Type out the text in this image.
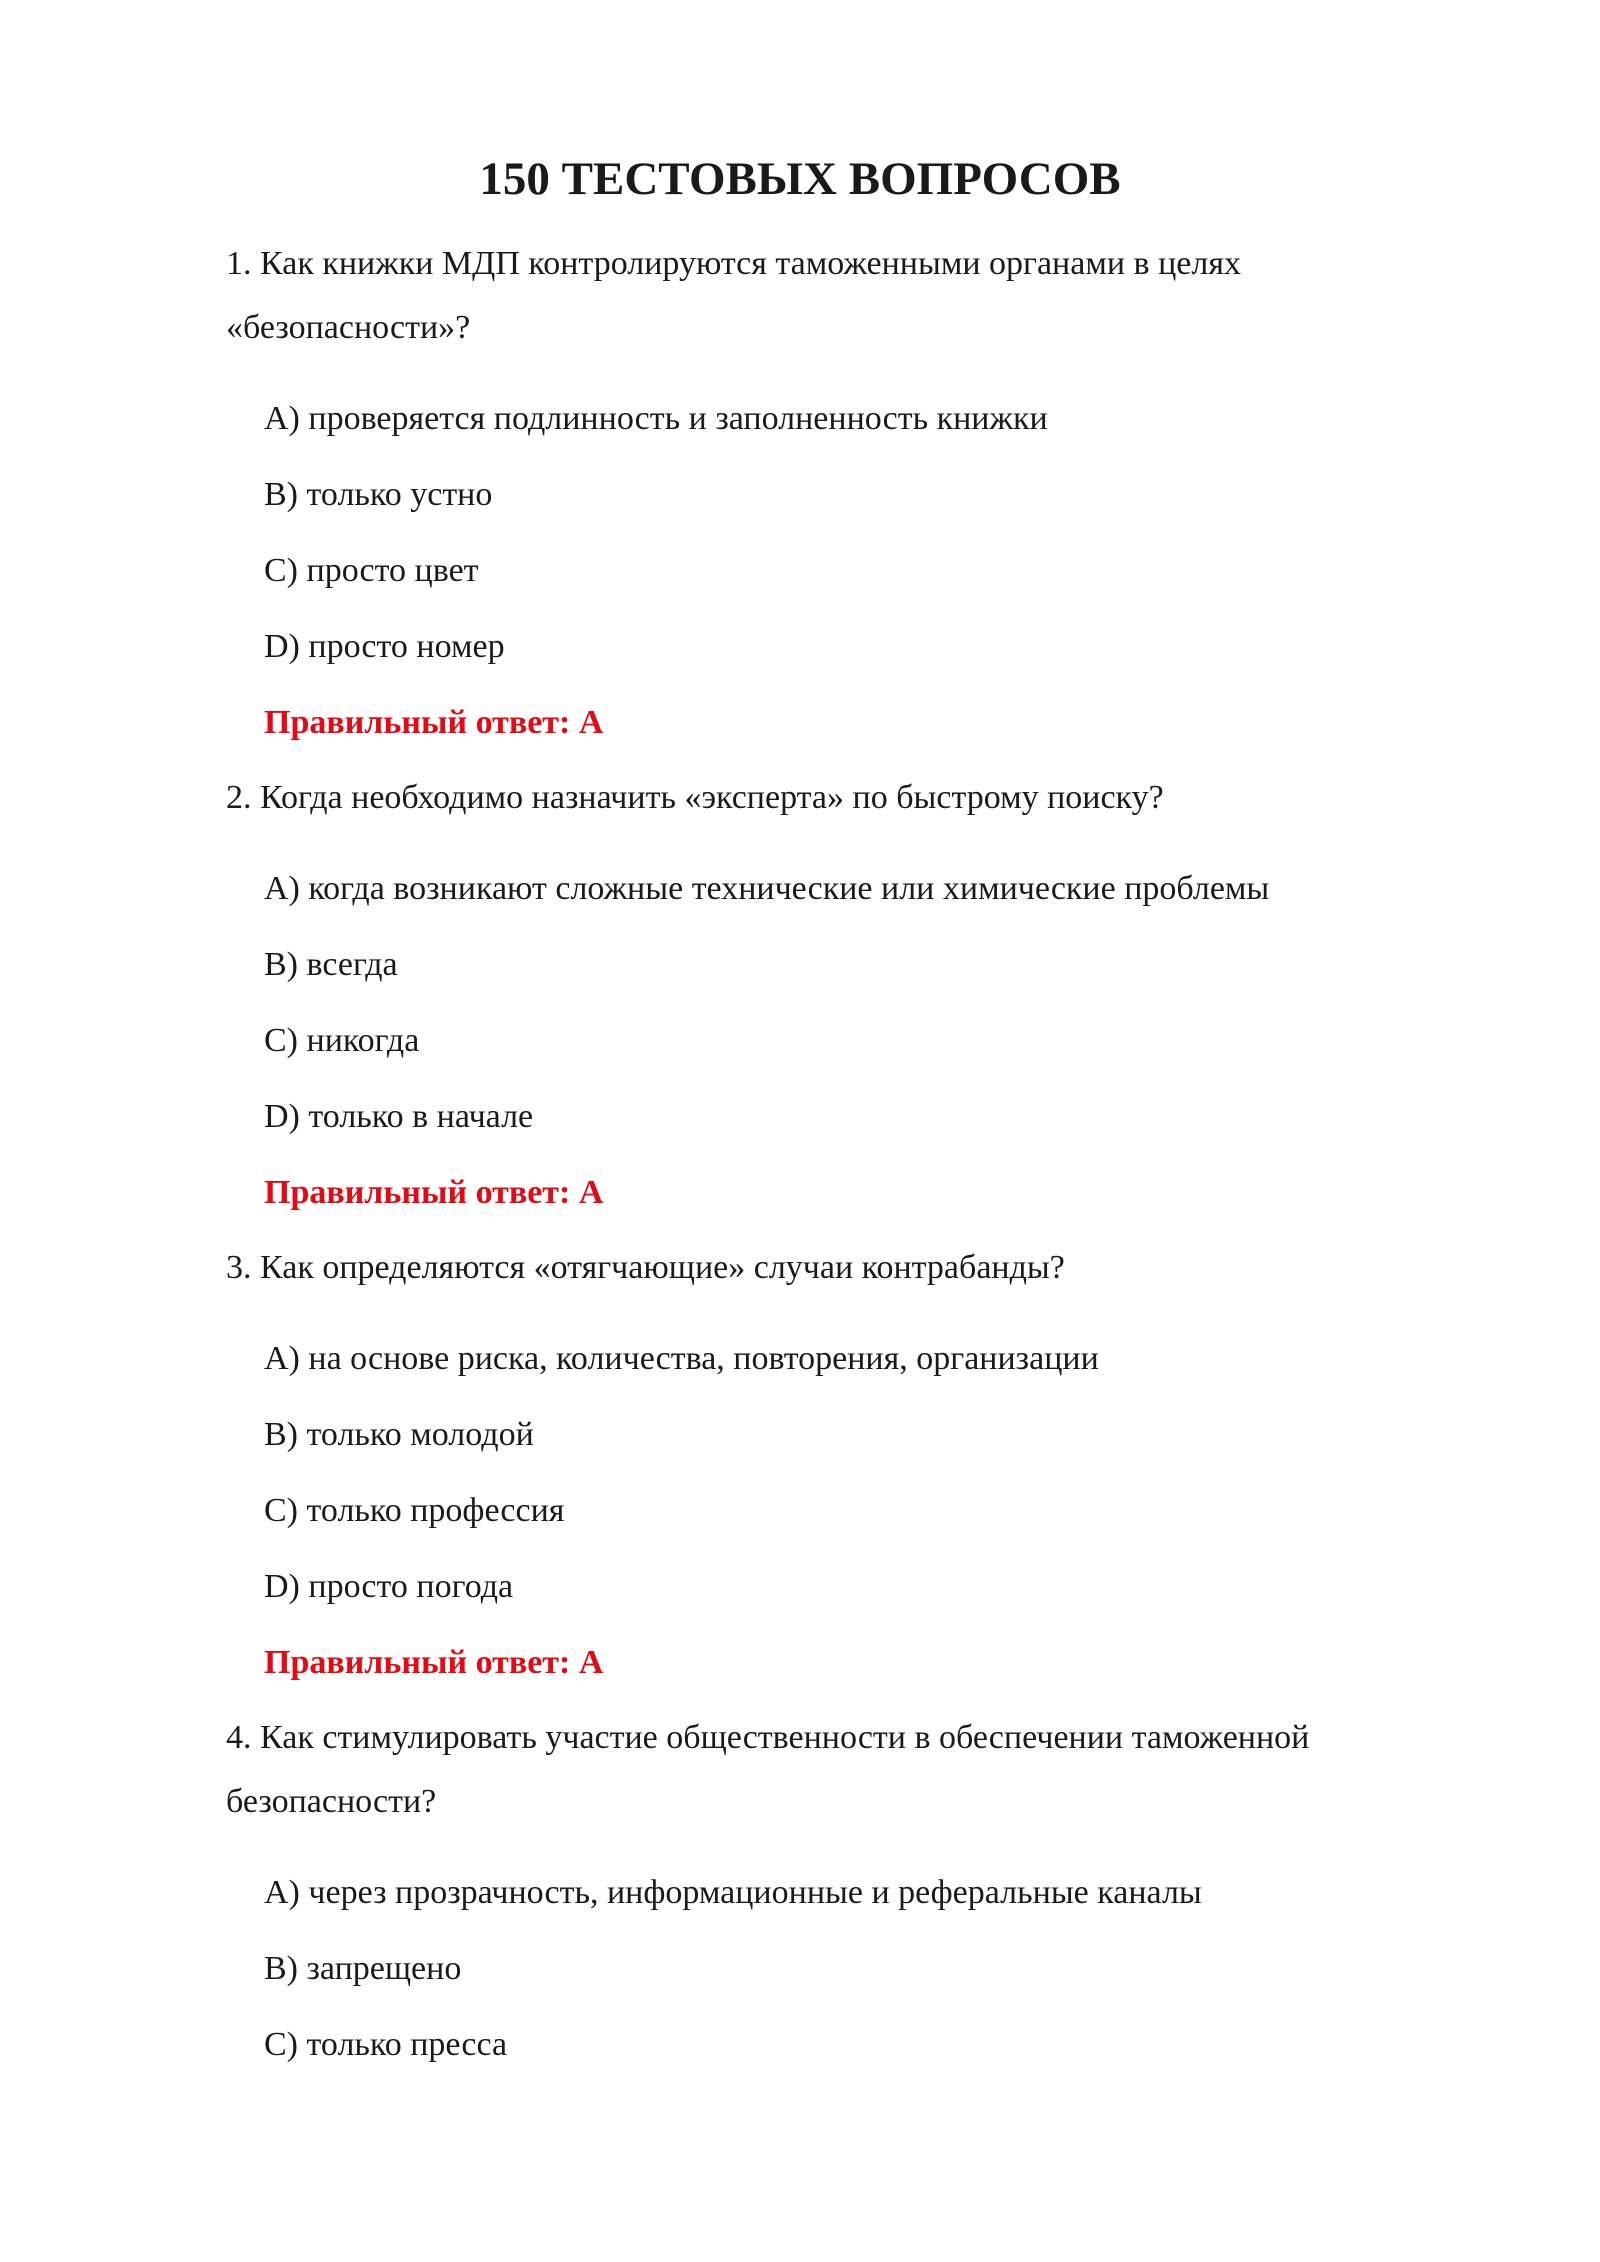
150 ТЕСТОВЫХ ВОПРОСОВ
1. Как книжки МДП контролируются таможенными органами в целях
«безопасности»?
A) проверяется подлинность и заполненность книжки
B) только устно
C) просто цвет
D) просто номер
Правильный ответ: A
2. Когда необходимо назначить «эксперта» по быстрому поиску?
A) когда возникают сложные технические или химические проблемы
B) всегда
C) никогда
D) только в начале
Правильный ответ: A
3. Как определяются «отягчающие» случаи контрабанды?
A) на основе риска, количества, повторения, организации
B) только молодой
C) только профессия
D) просто погода
Правильный ответ: A
4. Как стимулировать участие общественности в обеспечении таможенной
безопасности?
A) через прозрачность, информационные и реферальные каналы
B) запрещено
C) только пресса
